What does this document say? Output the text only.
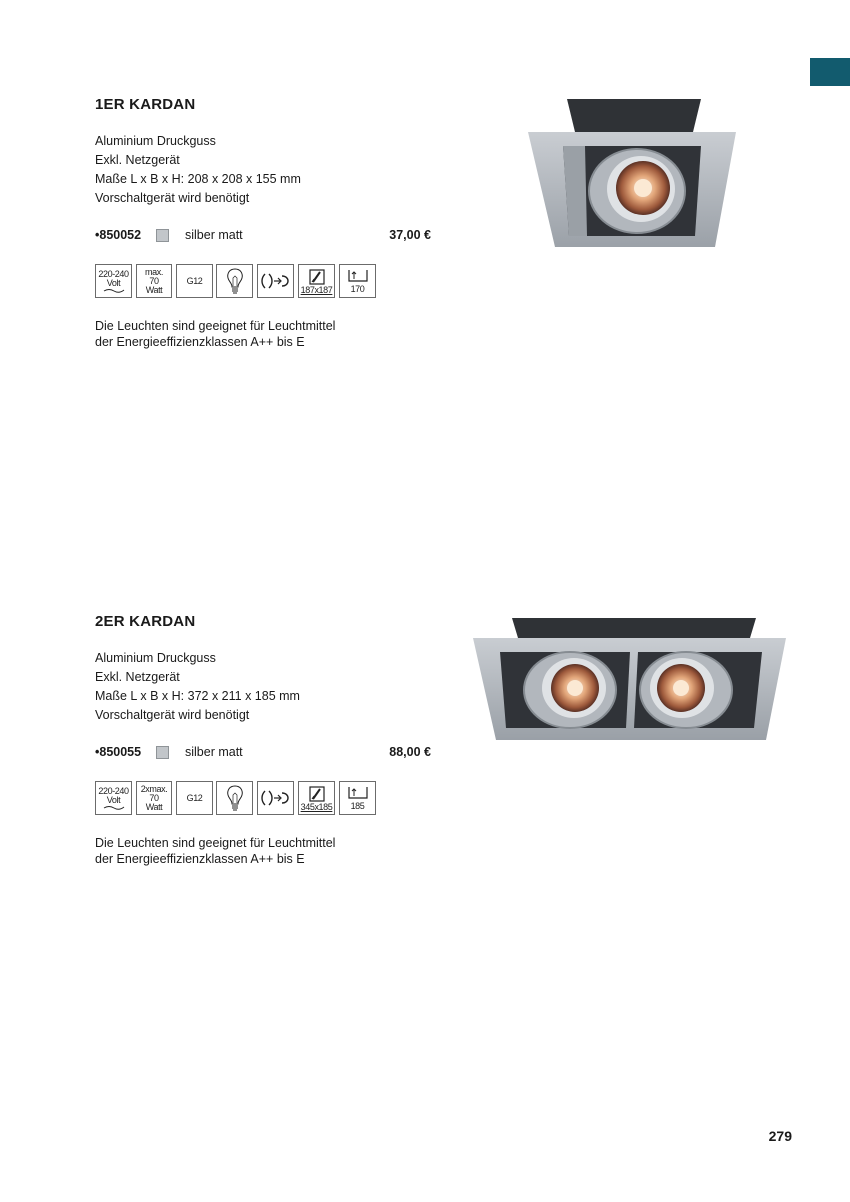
1ER KARDAN
Aluminium Druckguss
Exkl. Netzgerät
Maße L x B x H: 208 x 208 x 155 mm
Vorschaltgerät wird benötigt
•850052	silber matt	37,00 €
220-240
Volt
max.
70
Watt
G12
187x187 170
Die Leuchten sind geeignet für Leuchtmittel
der Energieeffizienzklassen A++ bis E
2ER KARDAN
Aluminium Druckguss
Exkl. Netzgerät
Maße L x B x H: 372 x 211 x 185 mm
Vorschaltgerät wird benötigt
•850055	silber matt	88,00 €
220-240
Volt
2xmax.
70
Watt
G12
345x185 185
Die Leuchten sind geeignet für Leuchtmittel
der Energieeffizienzklassen A++ bis E
279
